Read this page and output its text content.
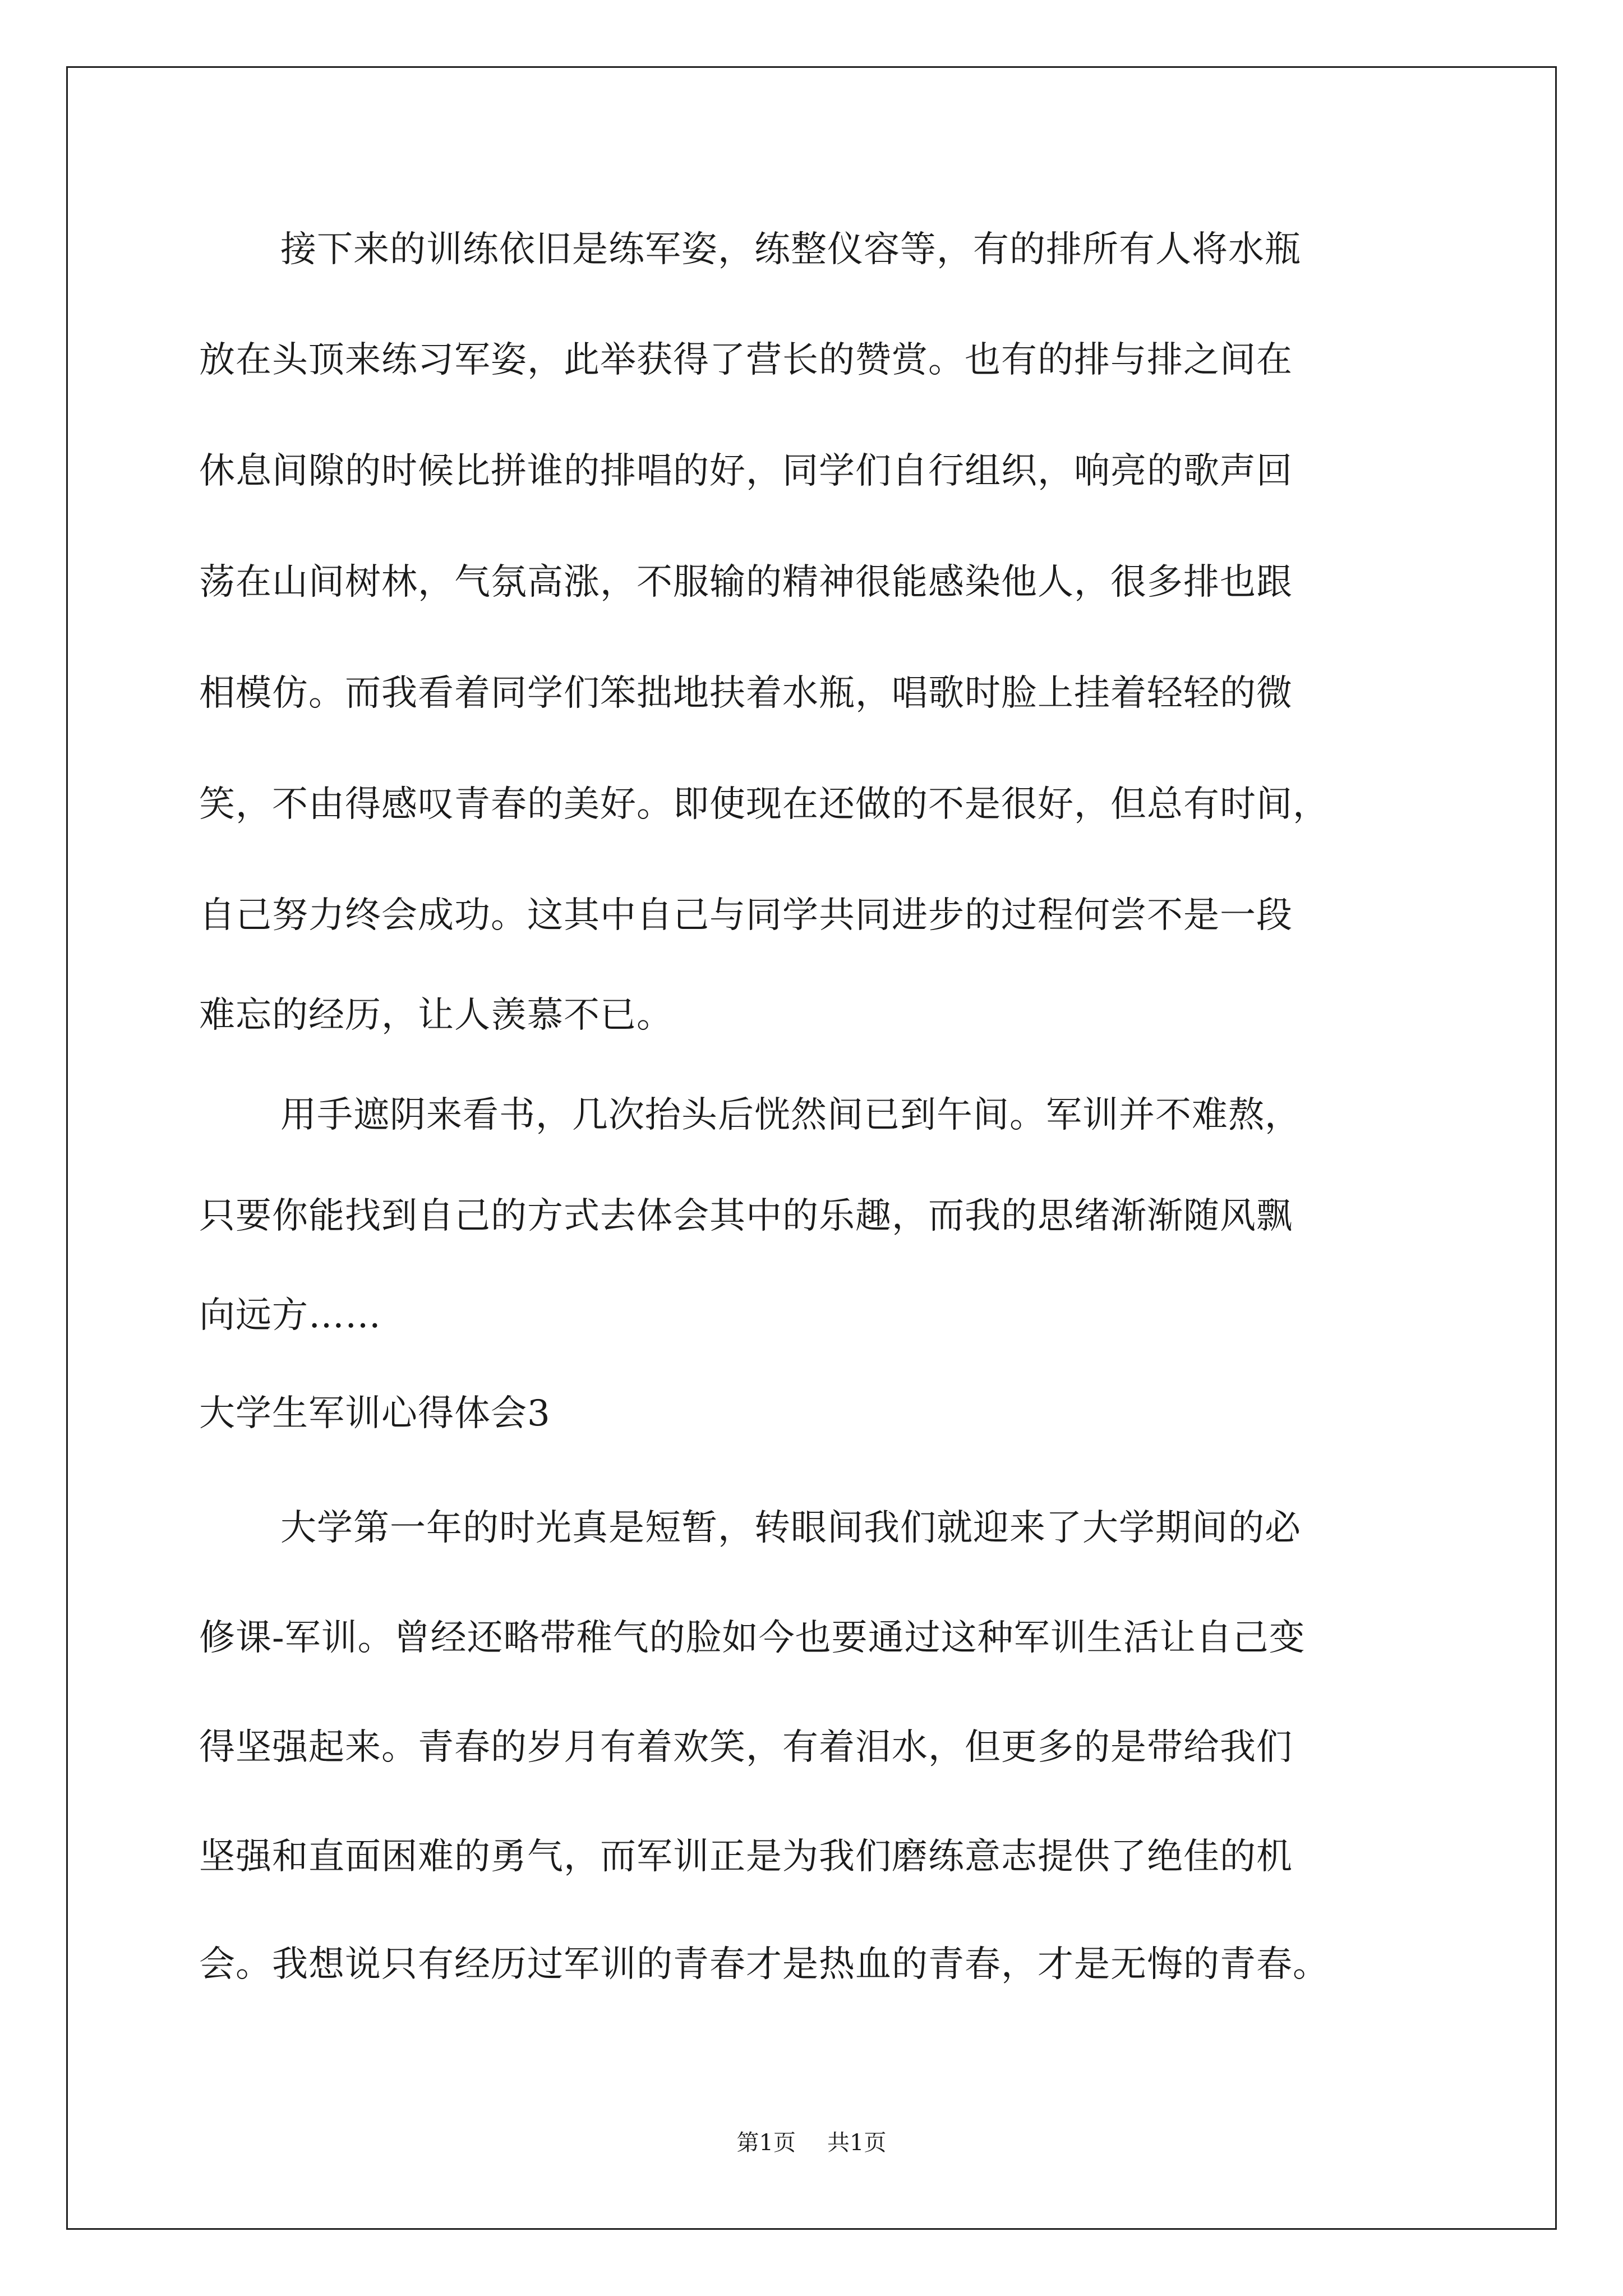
接下来的训练依旧是练军姿，练整仪容等，有的排所有人将水瓶
放在头顶来练习军姿，此举获得了营长的赞赏。也有的排与排之间在
休息间隙的时候比拼谁的排唱的好，同学们自行组织，响亮的歌声回
荡在山间树林，气氛高涨，不服输的精神很能感染他人，很多排也跟
相模仿。而我看着同学们笨拙地扶着水瓶，唱歌时脸上挂着轻轻的微
笑，不由得感叹青春的美好。即使现在还做的不是很好，但总有时间，
自己努力终会成功。这其中自己与同学共同进步的过程何尝不是一段
难忘的经历，让人羡慕不已。
用手遮阴来看书，几次抬头后恍然间已到午间。军训并不难熬，
只要你能找到自己的方式去体会其中的乐趣，而我的思绪渐渐随风飘
向远方……
大学生军训心得体会3
大学第一年的时光真是短暂，转眼间我们就迎来了大学期间的必
修课-军训。曾经还略带稚气的脸如今也要通过这种军训生活让自己变
得坚强起来。青春的岁月有着欢笑，有着泪水，但更多的是带给我们
坚强和直面困难的勇气，而军训正是为我们磨练意志提供了绝佳的机
会。我想说只有经历过军训的青春才是热血的青春，才是无悔的青春。
第1页 共1页
